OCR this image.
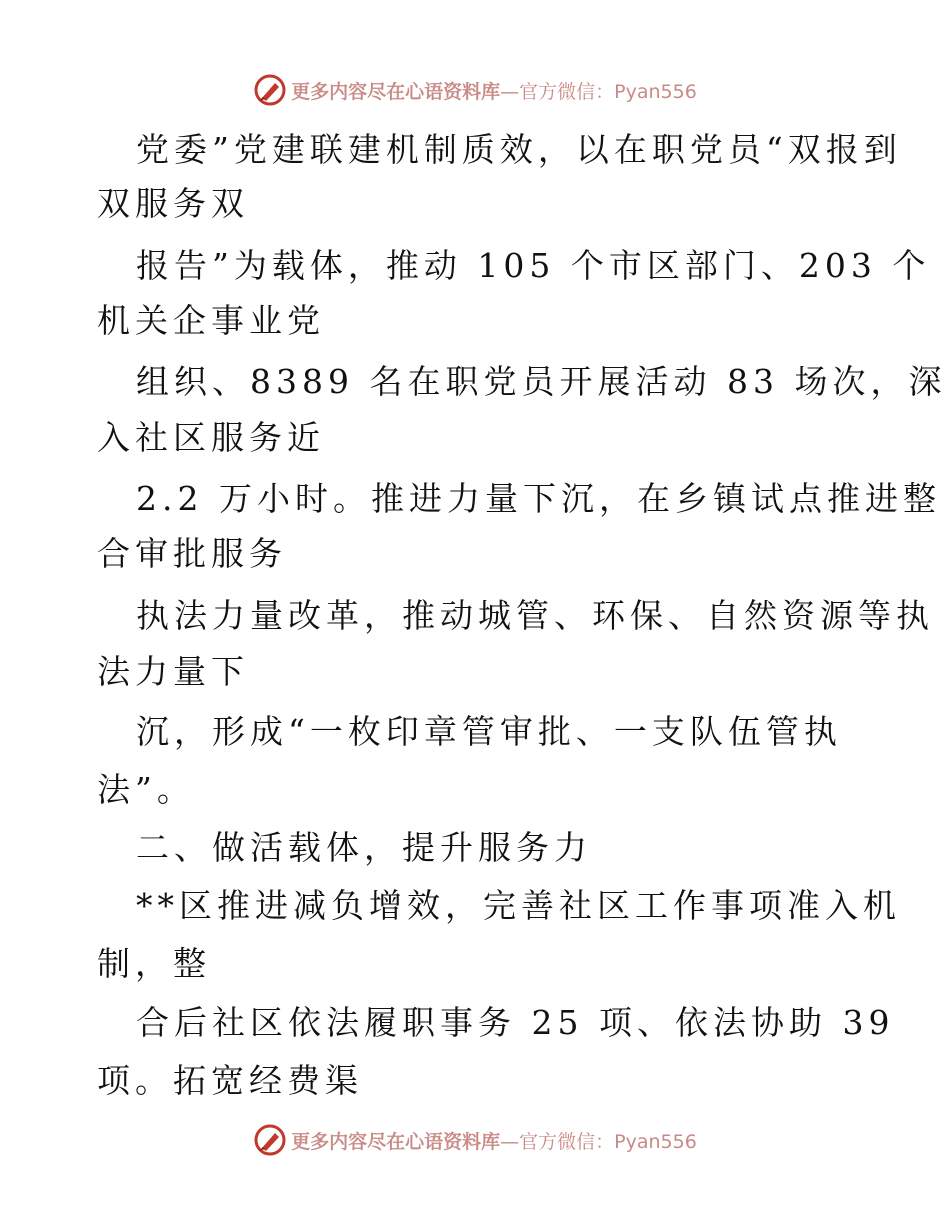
更多内容尽在心语资料库—官方微信：Pyan556
党委”党建联建机制质效，以在职党员“双报到
双服务双
报告”为载体，推动 105 个市区部门、203 个
机关企事业党
组织、8389 名在职党员开展活动 83 场次，深
入社区服务近
2.2 万小时。推进力量下沉，在乡镇试点推进整
合审批服务
执法力量改革，推动城管、环保、自然资源等执
法力量下
沉，形成“一枚印章管审批、一支队伍管执
法”。
二、做活载体，提升服务力
**区推进减负增效，完善社区工作事项准入机
制，整
合后社区依法履职事务 25 项、依法协助 39
项。拓宽经费渠
更多内容尽在心语资料库—官方微信：Pyan556
